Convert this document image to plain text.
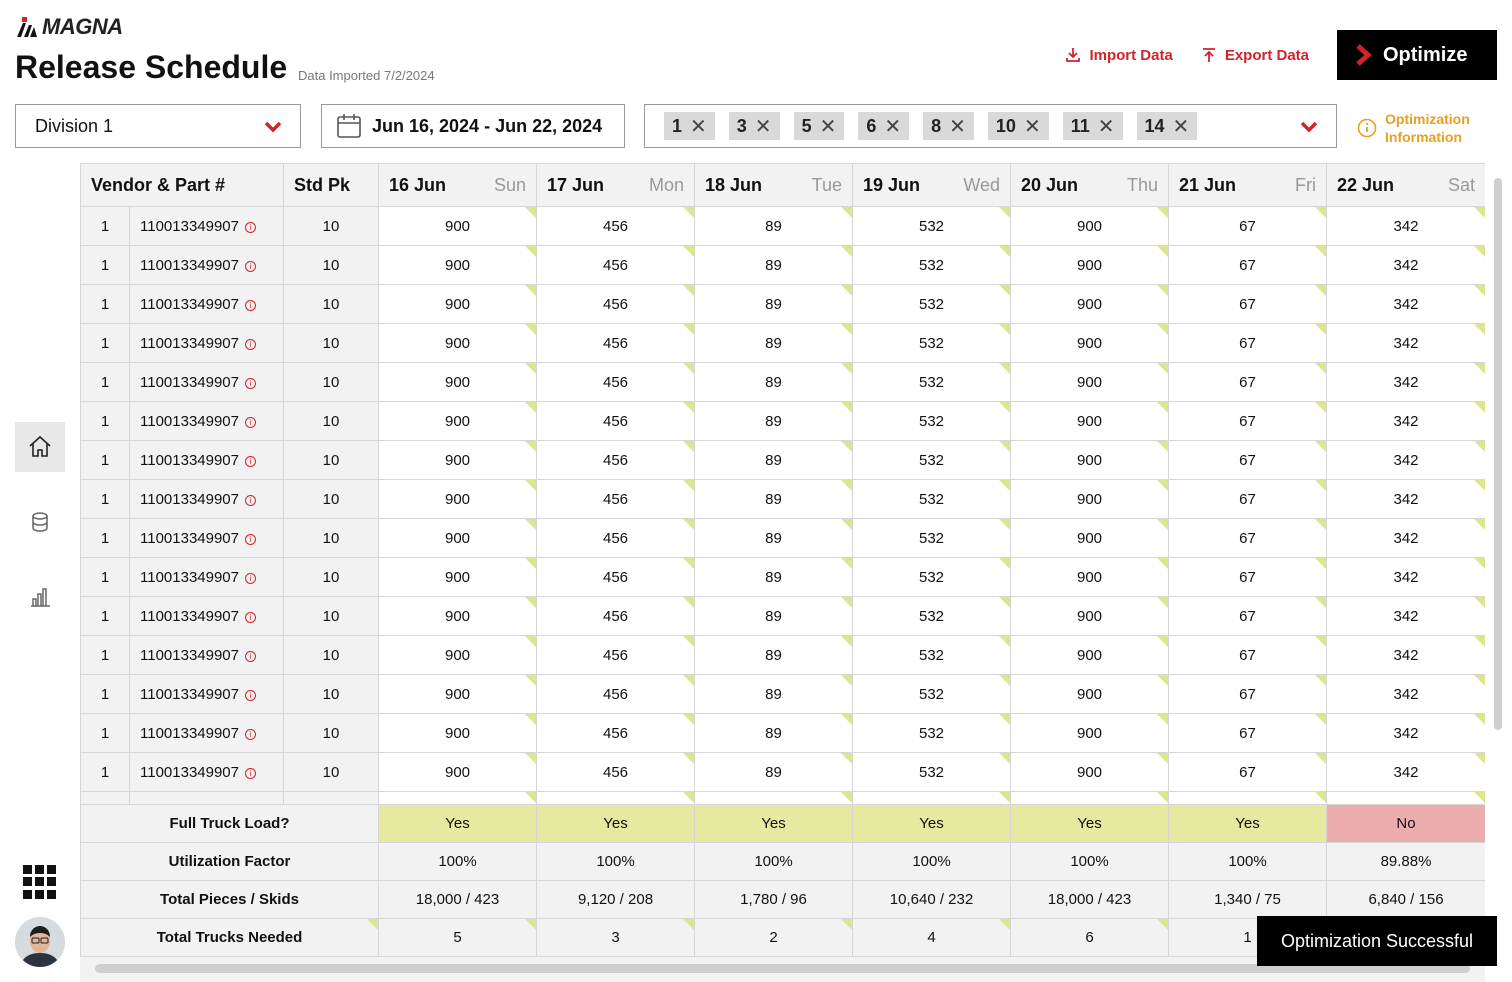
MAGNA
Release Schedule Data Imported 7/2/2024
Import Data	Export Data	Optimize
Division 1	Jun 16, 2024 - Jun 22, 2024	1 ✕ 3 ✕ 5 ✕ 6 ✕ 8 ✕ 10 ✕ 11 ✕ 14 ✕	Optimization
Information
Vendor & Part #		Std Pk	16 Jun Sun	17 Jun Mon	18 Jun Tue	19 Jun Wed	20 Jun Thu	21 Jun Fri	22 Jun Sat

1	110013349907 i	10	900	456	89	532	900	67	342
1	110013349907 i	10	900	456	89	532	900	67	342
1	110013349907 i	10	900	456	89	532	900	67	342
1	110013349907 i	10	900	456	89	532	900	67	342
1	110013349907 i	10	900	456	89	532	900	67	342
1	110013349907 i	10	900	456	89	532	900	67	342
1	110013349907 i	10	900	456	89	532	900	67	342
1	110013349907 i	10	900	456	89	532	900	67	342
1	110013349907 i	10	900	456	89	532	900	67	342
1	110013349907 i	10	900	456	89	532	900	67	342
1	110013349907 i	10	900	456	89	532	900	67	342
1	110013349907 i	10	900	456	89	532	900	67	342
1	110013349907 i	10	900	456	89	532	900	67	342
1	110013349907 i	10	900	456	89	532	900	67	342
1	110013349907 i	10	900	456	89	532	900	67	342

Full Truck Load?			Yes	Yes	Yes	Yes	Yes	Yes	No
Utilization Factor			100%	100%	100%	100%	100%	100%	89.88%
Total Pieces / Skids			18,000 / 423	9,120 / 208	1,780 / 96	10,640 / 232	18,000 / 423	1,340 / 75	6,840 / 156
Total Trucks Needed			5	3	2	4	6	1		Optimization Successful
